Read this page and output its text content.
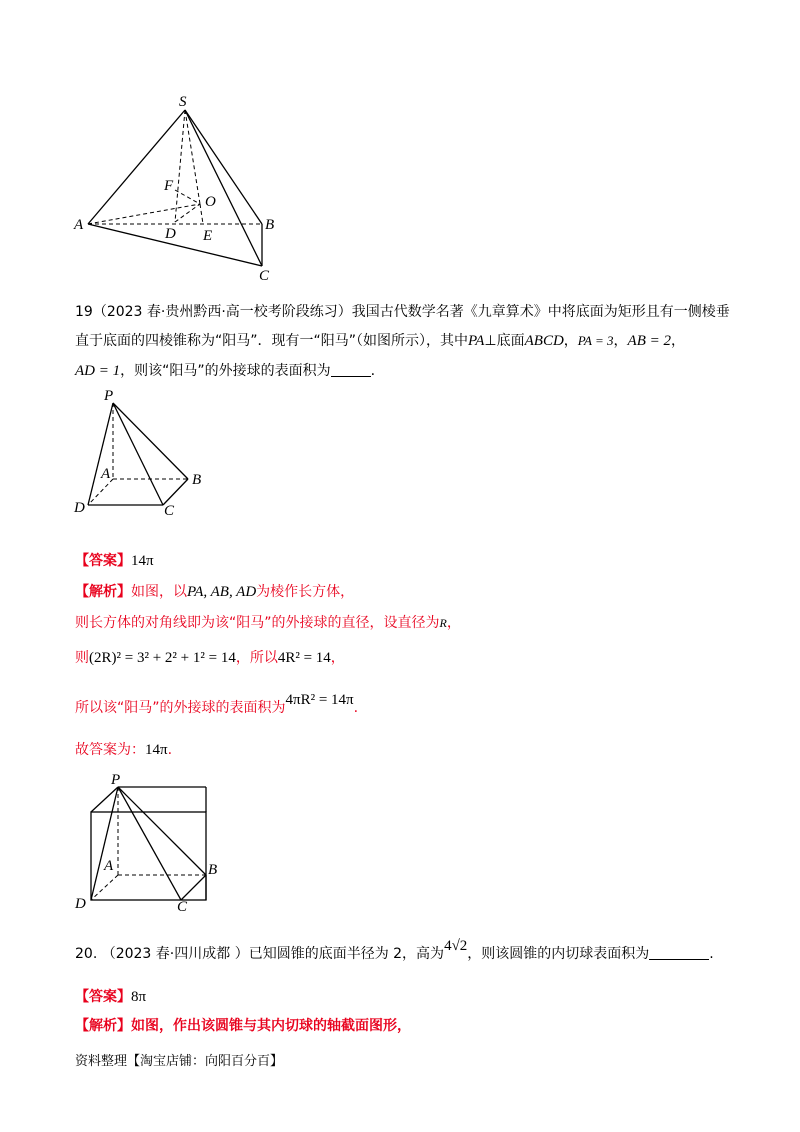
S
F
O
A	B
D E
C
19（2023 春·贵州黔西·高一校考阶段练习）我国古代数学名著《九章算术》中将底面为矩形且有一侧棱垂
直于底面的四棱锥称为“阳马”．现有一“阳马”（如图所示），其中PA⊥底面ABCD，PA = 3，AB = 2，
AD = 1，则该“阳马”的外接球的表面积为	.
P
A	B
D	C
【答案】14π
【解析】如图，以PA, AB, AD为棱作长方体，
则长方体的对角线即为该“阳马”的外接球的直径，设直径为R，
则(2R)² = 3² + 2² + 1² = 14，所以4R² = 14，
所以该“阳马”的外接球的表面积为4πR² = 14π.
故答案为：14π.
P
A	B
D	C
20. （2023 春·四川成都 ）已知圆锥的底面半径为 2，高为4√2，则该圆锥的内切球表面积为	.
【答案】8π
【解析】如图，作出该圆锥与其内切球的轴截面图形，
资料整理【淘宝店铺：向阳百分百】
